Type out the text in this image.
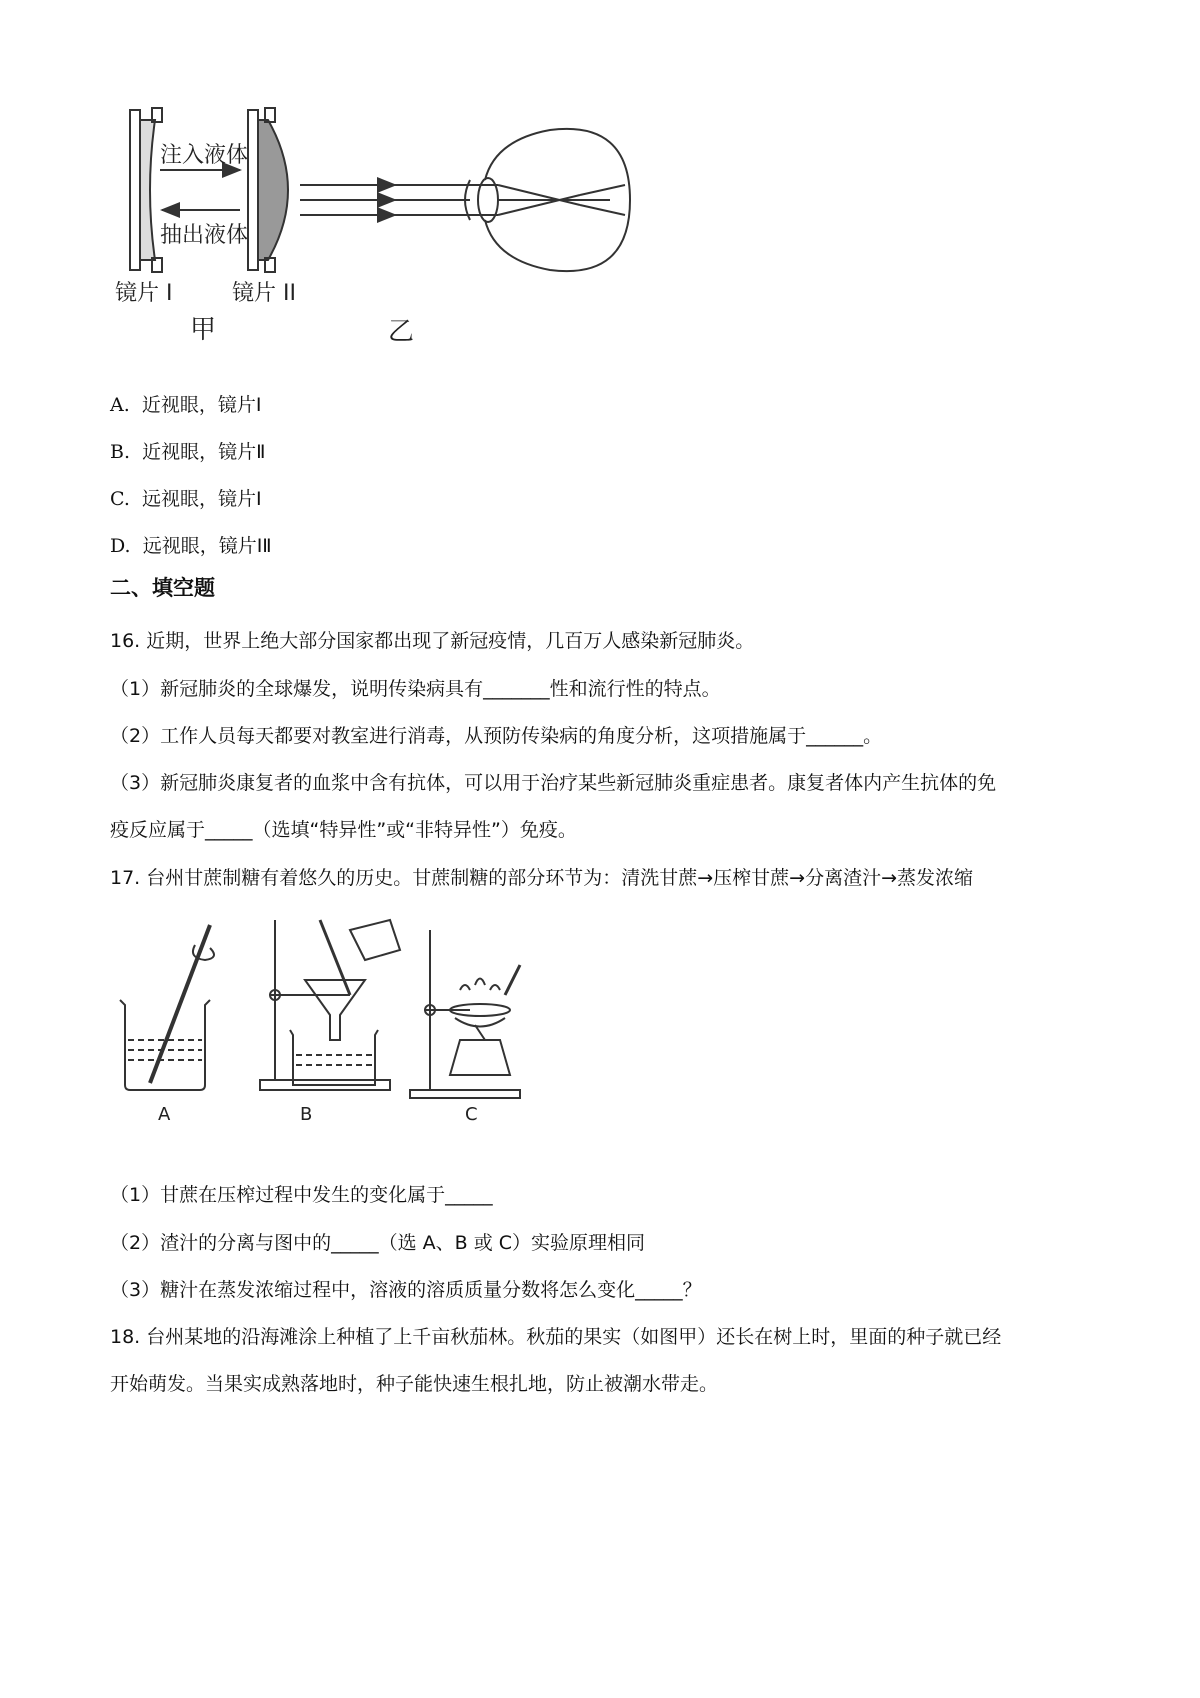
注入液体
抽出液体
镜片 I	镜片 II
甲	乙
A. 近视眼，镜片Ⅰ
B. 近视眼，镜片Ⅱ
C. 远视眼，镜片Ⅰ
D. 远视眼，镜片ⅠⅡ
二、填空题
16. 近期，世界上绝大部分国家都出现了新冠疫情，几百万人感染新冠肺炎。
（1）新冠肺炎的全球爆发，说明传染病具有_______性和流行性的特点。
（2）工作人员每天都要对教室进行消毒，从预防传染病的角度分析，这项措施属于______。
（3）新冠肺炎康复者的血浆中含有抗体，可以用于治疗某些新冠肺炎重症患者。康复者体内产生抗体的免
疫反应属于_____（选填“特异性”或“非特异性”）免疫。
17. 台州甘蔗制糖有着悠久的历史。甘蔗制糖的部分环节为：清洗甘蔗→压榨甘蔗→分离渣汁→蒸发浓缩
A	B	C
（1）甘蔗在压榨过程中发生的变化属于_____
（2）渣汁的分离与图中的_____（选 A、B 或 C）实验原理相同
（3）糖汁在蒸发浓缩过程中，溶液的溶质质量分数将怎么变化_____？
18. 台州某地的沿海滩涂上种植了上千亩秋茄林。秋茄的果实（如图甲）还长在树上时，里面的种子就已经
开始萌发。当果实成熟落地时，种子能快速生根扎地，防止被潮水带走。
